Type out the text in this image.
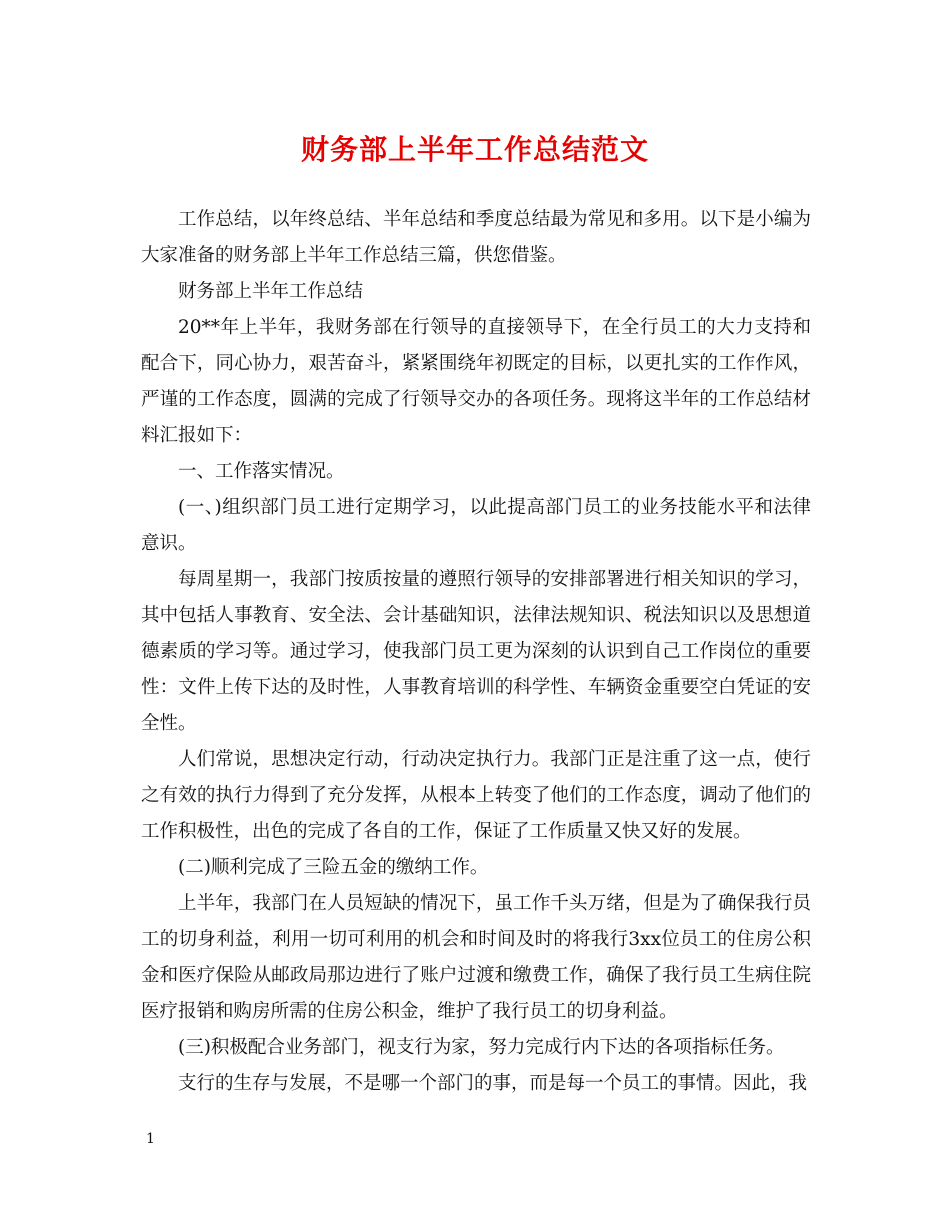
财务部上半年工作总结范文

工作总结，以年终总结、半年总结和季度总结最为常见和多用。以下是小编为大家准备的财务部上半年工作总结三篇，供您借鉴。

财务部上半年工作总结

20**年上半年，我财务部在行领导的直接领导下，在全行员工的大力支持和配合下，同心协力，艰苦奋斗，紧紧围绕年初既定的目标，以更扎实的工作作风，严谨的工作态度，圆满的完成了行领导交办的各项任务。现将这半年的工作总结材料汇报如下：

一、工作落实情况。

(一、)组织部门员工进行定期学习，以此提高部门员工的业务技能水平和法律意识。

每周星期一，我部门按质按量的遵照行领导的安排部署进行相关知识的学习，其中包括人事教育、安全法、会计基础知识，法律法规知识、税法知识以及思想道德素质的学习等。通过学习，使我部门员工更为深刻的认识到自己工作岗位的重要性：文件上传下达的及时性，人事教育培训的科学性、车辆资金重要空白凭证的安全性。

人们常说，思想决定行动，行动决定执行力。我部门正是注重了这一点，使行之有效的执行力得到了充分发挥，从根本上转变了他们的工作态度，调动了他们的工作积极性，出色的完成了各自的工作，保证了工作质量又快又好的发展。

(二)顺利完成了三险五金的缴纳工作。

上半年，我部门在人员短缺的情况下，虽工作千头万绪，但是为了确保我行员工的切身利益，利用一切可利用的机会和时间及时的将我行3xx位员工的住房公积金和医疗保险从邮政局那边进行了账户过渡和缴费工作，确保了我行员工生病住院医疗报销和购房所需的住房公积金，维护了我行员工的切身利益。

(三)积极配合业务部门，视支行为家，努力完成行内下达的各项指标任务。

支行的生存与发展，不是哪一个部门的事，而是每一个员工的事情。因此，我

1
